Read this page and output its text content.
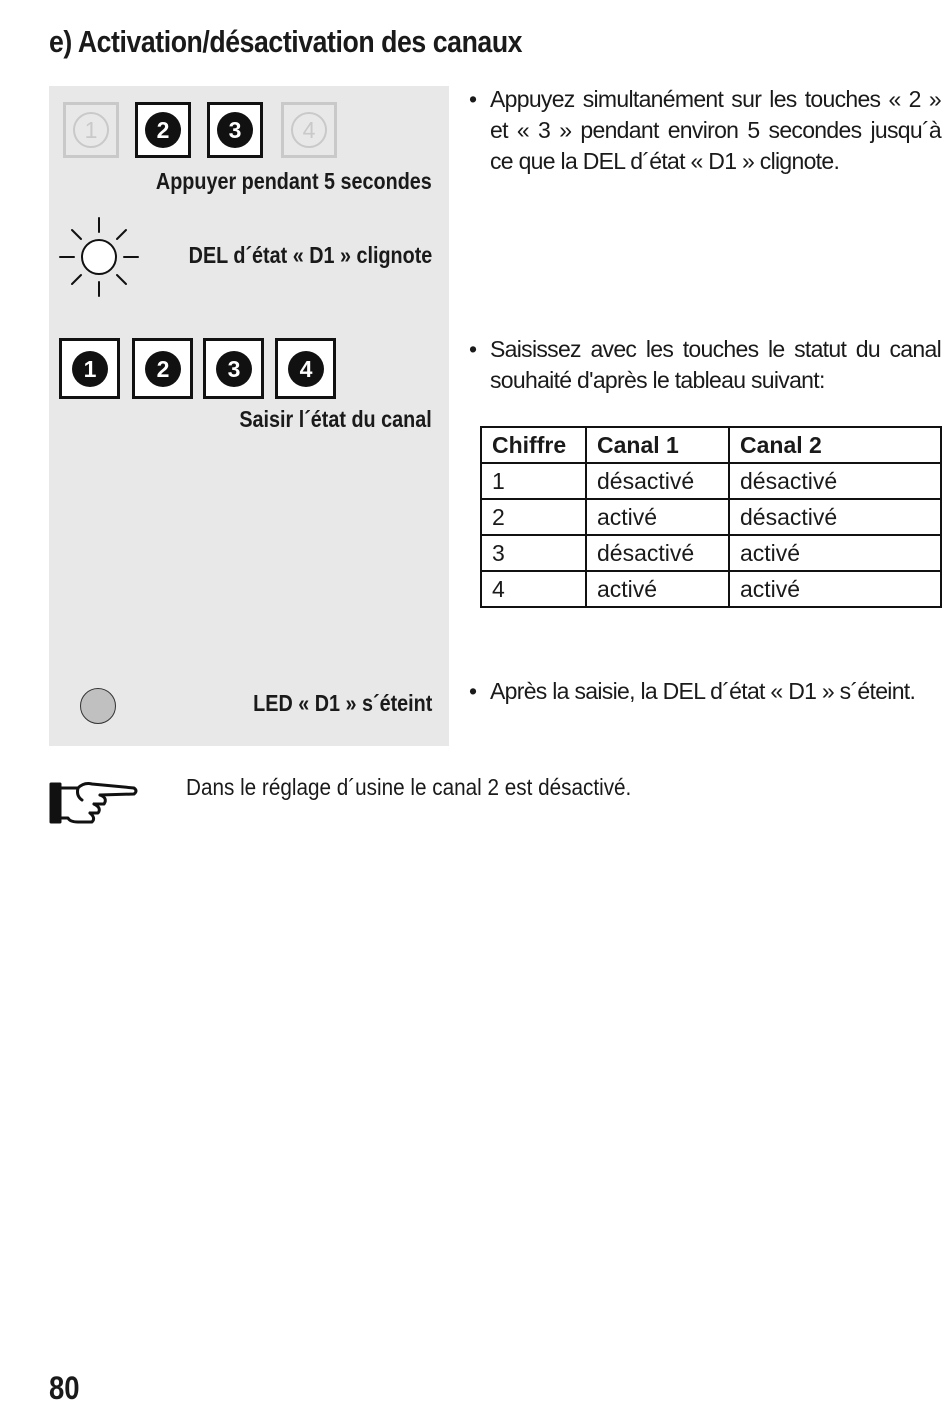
e) Activation/désactivation des canaux
1	2	3	4
Appuyer pendant 5 secondes
DEL d´état « D1 » clignote
1	2	3	4
Saisir l´état du canal
LED « D1 » s´éteint
• Appuyez simultanément sur les touches « 2 » et « 3 » pendant environ 5 secondes jusqu´à ce que la DEL d´état « D1 » clignote.
• Saisissez avec les touches le statut du canal souhaité d'après le tableau suivant:
Chiffre	Canal 1	Canal 2
1	désactivé	désactivé
2	activé	désactivé
3	désactivé	activé
4	activé	activé
• Après la saisie, la DEL d´état « D1 » s´éteint.
Dans le réglage d´usine le canal 2 est désactivé.
80
